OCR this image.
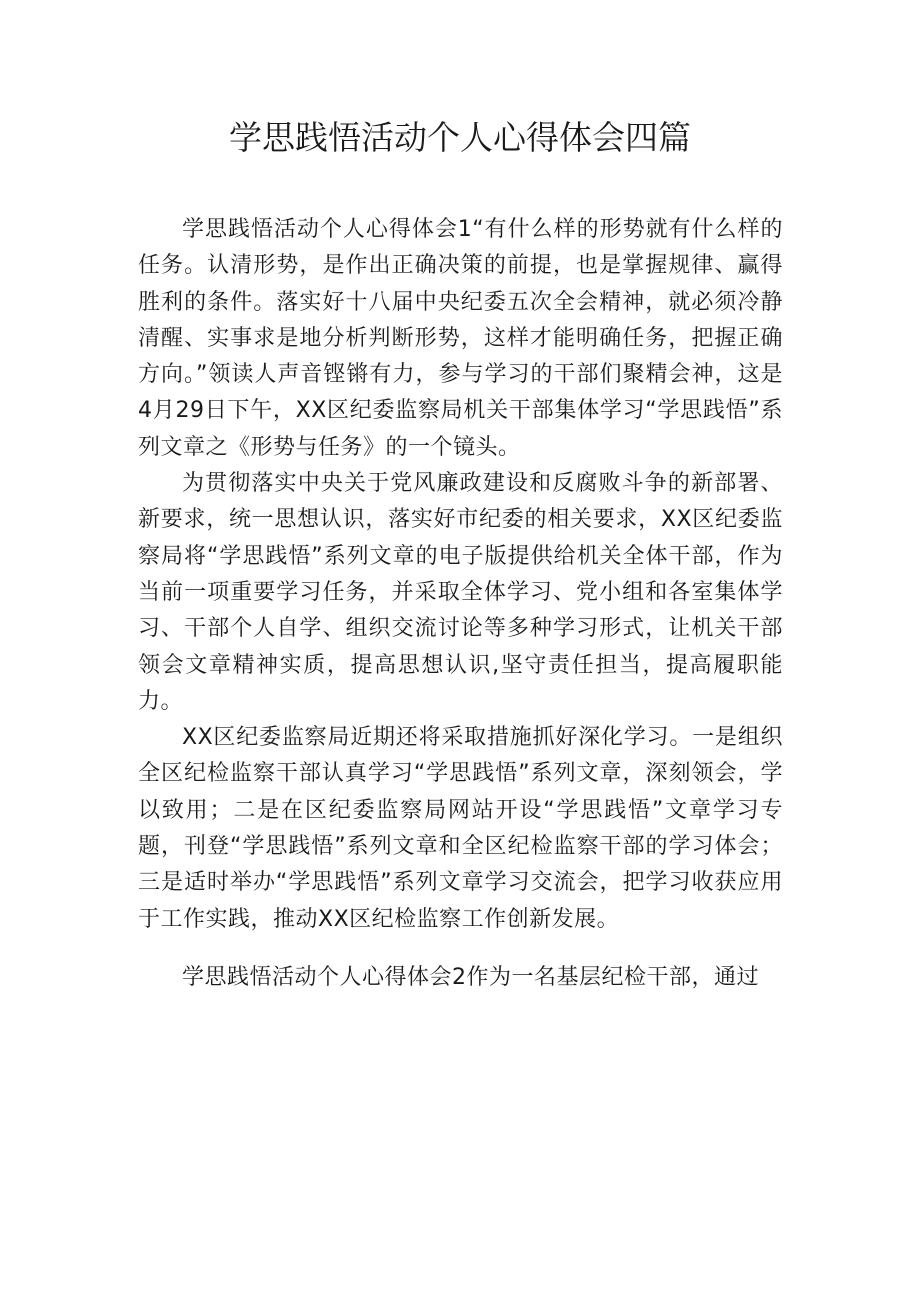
学思践悟活动个人心得体会四篇

学思践悟活动个人心得体会1“有什么样的形势就有什么样的任务。认清形势，是作出正确决策的前提，也是掌握规律、赢得胜利的条件。落实好十八届中央纪委五次全会精神，就必须冷静清醒、实事求是地分析判断形势，这样才能明确任务，把握正确方向。”领读人声音铿锵有力，参与学习的干部们聚精会神，这是4月29日下午，XX区纪委监察局机关干部集体学习“学思践悟”系列文章之《形势与任务》的一个镜头。

为贯彻落实中央关于党风廉政建设和反腐败斗争的新部署、新要求，统一思想认识，落实好市纪委的相关要求，XX区纪委监察局将“学思践悟”系列文章的电子版提供给机关全体干部，作为当前一项重要学习任务，并采取全体学习、党小组和各室集体学习、干部个人自学、组织交流讨论等多种学习形式，让机关干部领会文章精神实质，提高思想认识,坚守责任担当，提高履职能力。

XX区纪委监察局近期还将采取措施抓好深化学习。一是组织全区纪检监察干部认真学习“学思践悟”系列文章，深刻领会，学以致用；二是在区纪委监察局网站开设“学思践悟”文章学习专题，刊登“学思践悟”系列文章和全区纪检监察干部的学习体会；三是适时举办“学思践悟”系列文章学习交流会，把学习收获应用于工作实践，推动XX区纪检监察工作创新发展。

学思践悟活动个人心得体会2作为一名基层纪检干部，通过
